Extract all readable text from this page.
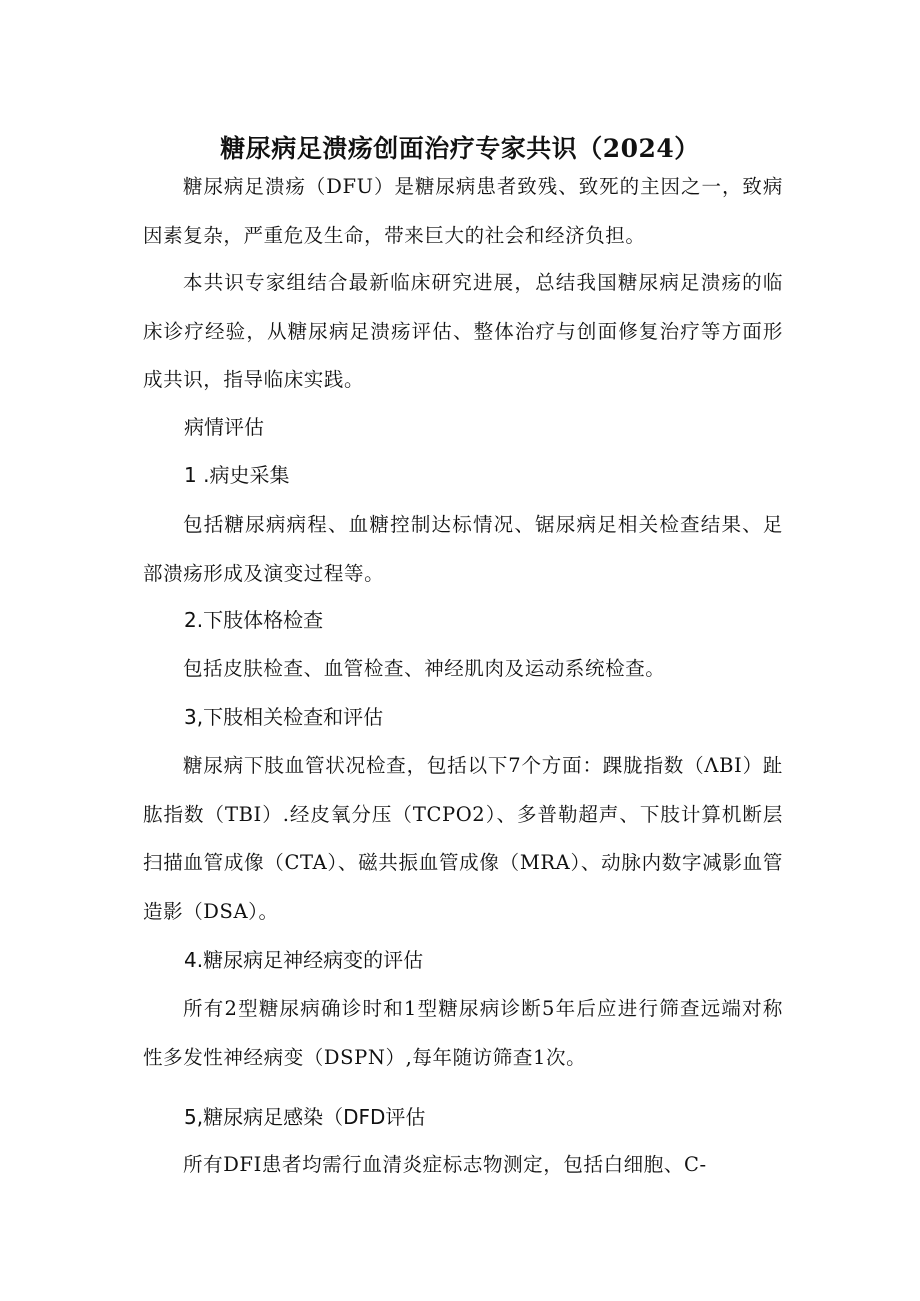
糖尿病足溃疡创面治疗专家共识（2024）

糖尿病足溃疡（DFU）是糖尿病患者致残、致死的主因之一，致病因素复杂，严重危及生命，带来巨大的社会和经济负担。

本共识专家组结合最新临床研究进展，总结我国糖尿病足溃疡的临床诊疗经验，从糖尿病足溃疡评估、整体治疗与创面修复治疗等方面形成共识，指导临床实践。

病情评估
1 .病史采集

包括糖尿病病程、血糖控制达标情况、锯尿病足相关检查结果、足部溃疡形成及演变过程等。

2.下肢体格检查

包括皮肤检查、血管检查、神经肌肉及运动系统检查。

3,下肢相关检查和评估

糖尿病下肢血管状况检查，包括以下7个方面：踝胧指数（ΛBI）趾肱指数（TBI）.经皮氧分压（TCPO2）、多普勒超声、下肢计算机断层扫描血管成像（CTA）、磁共振血管成像（MRA）、动脉内数字减影血管造影（DSA）。

4.糖尿病足神经病变的评估

所有2型糖尿病确诊时和1型糖尿病诊断5年后应进行筛查远端对称性多发性神经病变（DSPN）,每年随访筛查1次。

5,糖尿病足感染（DFD评估

所有DFI患者均需行血清炎症标志物测定，包括白细胞、C-
